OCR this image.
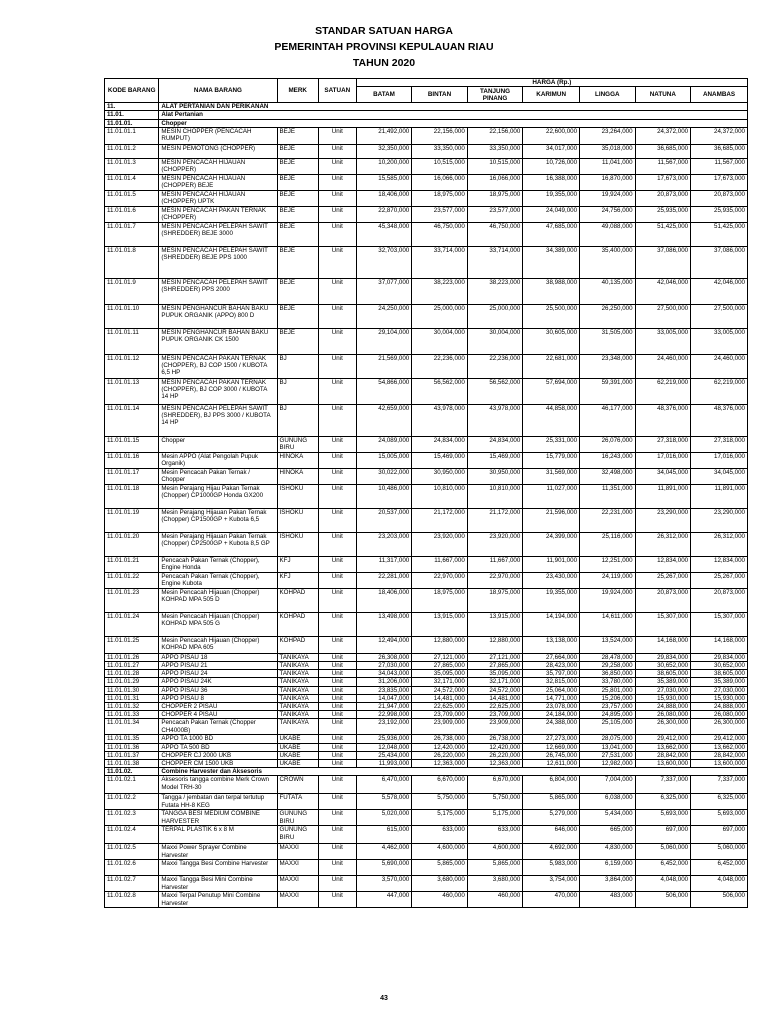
STANDAR SATUAN HARGA
PEMERINTAH PROVINSI KEPULAUAN RIAU
TAHUN 2020
KODE BARANG	NAMA BARANG	MERK	SATUAN	HARGA (Rp.)						
				BATAM	BINTAN	TANJUNG PINANG	KARIMUN	LINGGA	NATUNA	ANAMBAS
11.	ALAT PERTANIAN DAN PERIKANAN									
11.01.	Alat Pertanian									
11.01.01.	Chopper									
11.01.01.1	MESIN CHOPPER (PENCACAH RUMPUT)	BEJE	Unit	21,492,000	22,156,000	22,156,000	22,600,000	23,264,000	24,372,000	24,372,000
11.01.01.2	MESIN PEMOTONG (CHOPPER)	BEJE	Unit	32,350,000	33,350,000	33,350,000	34,017,000	35,018,000	36,685,000	36,685,000
11.01.01.3	MESIN PENCACAH HIJAUAN (CHOPPER)	BEJE	Unit	10,200,000	10,515,000	10,515,000	10,726,000	11,041,000	11,567,000	11,567,000
11.01.01.4	MESIN PENCACAH HIJAUAN (CHOPPER) BEJE	BEJE	Unit	15,585,000	16,066,000	16,066,000	16,388,000	16,870,000	17,673,000	17,673,000
11.01.01.5	MESIN PENCACAH HIJAUAN (CHOPPER) UPTK	BEJE	Unit	18,406,000	18,975,000	18,975,000	19,355,000	19,924,000	20,873,000	20,873,000
11.01.01.6	MESIN PENCACAH PAKAN TERNAK (CHOPPER)	BEJE	Unit	22,870,000	23,577,000	23,577,000	24,049,000	24,756,000	25,935,000	25,935,000
11.01.01.7	MESIN PENCACAH PELEPAH SAWIT (SHREDDER) BEJE 3000	BEJE	Unit	45,348,000	46,750,000	46,750,000	47,685,000	49,088,000	51,425,000	51,425,000
11.01.01.8	MESIN PENCACAH PELEPAH SAWIT (SHREDDER) BEJE PPS 1000	BEJE	Unit	32,703,000	33,714,000	33,714,000	34,389,000	35,400,000	37,086,000	37,086,000
11.01.01.9	MESIN PENCACAH PELEPAH SAWIT (SHREDDER) PPS 2000	BEJE	Unit	37,077,000	38,223,000	38,223,000	38,988,000	40,135,000	42,046,000	42,046,000
11.01.01.10	MESIN PENGHANCUR BAHAN BAKU PUPUK ORGANIK (APPO) 800 D	BEJE	Unit	24,250,000	25,000,000	25,000,000	25,500,000	26,250,000	27,500,000	27,500,000
11.01.01.11	MESIN PENGHANCUR BAHAN BAKU PUPUK ORGANIK CK 1500	BEJE	Unit	29,104,000	30,004,000	30,004,000	30,605,000	31,505,000	33,005,000	33,005,000
11.01.01.12	MESIN PENCACAH PAKAN TERNAK (CHOPPER), BJ COP 1500 / KUBOTA 6,5 HP	BJ	Unit	21,569,000	22,236,000	22,236,000	22,681,000	23,348,000	24,460,000	24,460,000
11.01.01.13	MESIN PENCACAH PAKAN TERNAK (CHOPPER), BJ COP 3000 / KUBOTA 14 HP	BJ	Unit	54,866,000	56,562,000	56,562,000	57,694,000	59,391,000	62,219,000	62,219,000
11.01.01.14	MESIN PENCACAH PELEPAH SAWIT (SHREDDER), BJ PPS 3000 / KUBOTA 14 HP	BJ	Unit	42,659,000	43,978,000	43,978,000	44,858,000	46,177,000	48,376,000	48,376,000
11.01.01.15	Chopper	GUNUNG BIRU	Unit	24,089,000	24,834,000	24,834,000	25,331,000	26,076,000	27,318,000	27,318,000
11.01.01.16	Mesin APPO (Alat Pengolah Pupuk Organik)	HINOKA	Unit	15,005,000	15,469,000	15,469,000	15,779,000	16,243,000	17,016,000	17,016,000
11.01.01.17	Mesin Pencacah Pakan Ternak / Chopper	HINOKA	Unit	30,022,000	30,950,000	30,950,000	31,569,000	32,498,000	34,045,000	34,045,000
11.01.01.18	Mesin Perajang Hijau Pakan Ternak (Chopper) CP1000GP Honda GX200	ISHOKU	Unit	10,486,000	10,810,000	10,810,000	11,027,000	11,351,000	11,891,000	11,891,000
11.01.01.19	Mesin Perajang Hijauan Pakan Ternak (Chopper) CP1500GP + Kubota 6,5	ISHOKU	Unit	20,537,000	21,172,000	21,172,000	21,596,000	22,231,000	23,290,000	23,290,000
11.01.01.20	Mesin Perajang Hijauan Pakan Ternak (Chopper) CP2500GP + Kubota 8,5 GP	ISHOKU	Unit	23,203,000	23,920,000	23,920,000	24,399,000	25,116,000	26,312,000	26,312,000
11.01.01.21	Pencacah Pakan Ternak (Chopper), Engine Honda	KFJ	Unit	11,317,000	11,667,000	11,667,000	11,901,000	12,251,000	12,834,000	12,834,000
11.01.01.22	Pencacah Pakan Ternak (Chopper), Engine Kubota	KFJ	Unit	22,281,000	22,970,000	22,970,000	23,430,000	24,119,000	25,267,000	25,267,000
11.01.01.23	Mesin Pencacah Hijauan (Chopper) KOHPAD MPA 505 D	KOHPAD	Unit	18,406,000	18,975,000	18,975,000	19,355,000	19,924,000	20,873,000	20,873,000
11.01.01.24	Mesin Pencacah Hijauan (Chopper) KOHPAD MPA 505 G	KOHPAD	Unit	13,498,000	13,915,000	13,915,000	14,194,000	14,611,000	15,307,000	15,307,000
11.01.01.25	Mesin Pencacah Hijauan (Chopper) KOHPAD MPA 605	KOHPAD	Unit	12,494,000	12,880,000	12,880,000	13,138,000	13,524,000	14,168,000	14,168,000
11.01.01.26	APPO PISAU 18	TANIKAYA	Unit	26,308,000	27,121,000	27,121,000	27,664,000	28,478,000	29,834,000	29,834,000
11.01.01.27	APPO PISAU 21	TANIKAYA	Unit	27,030,000	27,865,000	27,865,000	28,423,000	29,258,000	30,652,000	30,652,000
11.01.01.28	APPO PISAU 24	TANIKAYA	Unit	34,043,000	35,095,000	35,095,000	35,797,000	36,850,000	38,605,000	38,605,000
11.01.01.29	APPO PISAU 24K	TANIKAYA	Unit	31,206,000	32,171,000	32,171,000	32,815,000	33,780,000	35,389,000	35,389,000
11.01.01.30	APPO PISAU 36	TANIKAYA	Unit	23,835,000	24,572,000	24,572,000	25,064,000	25,801,000	27,030,000	27,030,000
11.01.01.31	APPO PISAU 8	TANIKAYA	Unit	14,047,000	14,481,000	14,481,000	14,771,000	15,206,000	15,930,000	15,930,000
11.01.01.32	CHOPPER 2 PISAU	TANIKAYA	Unit	21,947,000	22,625,000	22,625,000	23,078,000	23,757,000	24,888,000	24,888,000
11.01.01.33	CHOPPER 4 PISAU	TANIKAYA	Unit	22,998,000	23,709,000	23,709,000	24,184,000	24,895,000	26,080,000	26,080,000
11.01.01.34	Pencacah Pakan Ternak (Chopper CH4000B)	TANIKAYA	Unit	23,192,000	23,909,000	23,909,000	24,388,000	25,105,000	26,300,000	26,300,000
11.01.01.35	APPO TA 1000 BD	UKABE	Unit	25,936,000	26,738,000	26,738,000	27,273,000	28,075,000	29,412,000	29,412,000
11.01.01.36	APPO TA 500 BD	UKABE	Unit	12,048,000	12,420,000	12,420,000	12,669,000	13,041,000	13,662,000	13,662,000
11.01.01.37	CHOPPER CJ 2000 UKB	UKABE	Unit	25,434,000	26,220,000	26,220,000	26,745,000	27,531,000	28,842,000	28,842,000
11.01.01.38	CHOPPER CM 1500 UKB	UKABE	Unit	11,993,000	12,363,000	12,363,000	12,611,000	12,982,000	13,600,000	13,600,000
11.01.02.	Combine Harvester dan Aksesoris									
11.01.02.1	Aksesoris tangga combine Merk Crown Model TRH-30	CROWN	Unit	6,470,000	6,670,000	6,670,000	6,804,000	7,004,000	7,337,000	7,337,000
11.01.02.2	Tangga / jembatan dan terpal tertutup Futata HH-8 KEG	FUTATA	Unit	5,578,000	5,750,000	5,750,000	5,865,000	6,038,000	6,325,000	6,325,000
11.01.02.3	TANGGA BESI MEDIUM COMBINE HARVESTER	GUNUNG BIRU	Unit	5,020,000	5,175,000	5,175,000	5,279,000	5,434,000	5,693,000	5,693,000
11.01.02.4	TERPAL PLASTIK 6 x 8 M	GUNUNG BIRU	Unit	615,000	633,000	633,000	646,000	665,000	697,000	697,000
11.01.02.5	Maxxi Power Sprayer Combine Harvester	MAXXI	Unit	4,462,000	4,600,000	4,600,000	4,692,000	4,830,000	5,060,000	5,060,000
11.01.02.6	Maxxi Tangga Besi Combine Harvester	MAXXI	Unit	5,690,000	5,865,000	5,865,000	5,983,000	6,159,000	6,452,000	6,452,000
11.01.02.7	Maxxi Tangga Besi Mini Combine Harvester	MAXXI	Unit	3,570,000	3,680,000	3,680,000	3,754,000	3,864,000	4,048,000	4,048,000
11.01.02.8	Maxxi Terpal Penutup Mini Combine Harvester	MAXXI	Unit	447,000	460,000	460,000	470,000	483,000	506,000	506,000
43
